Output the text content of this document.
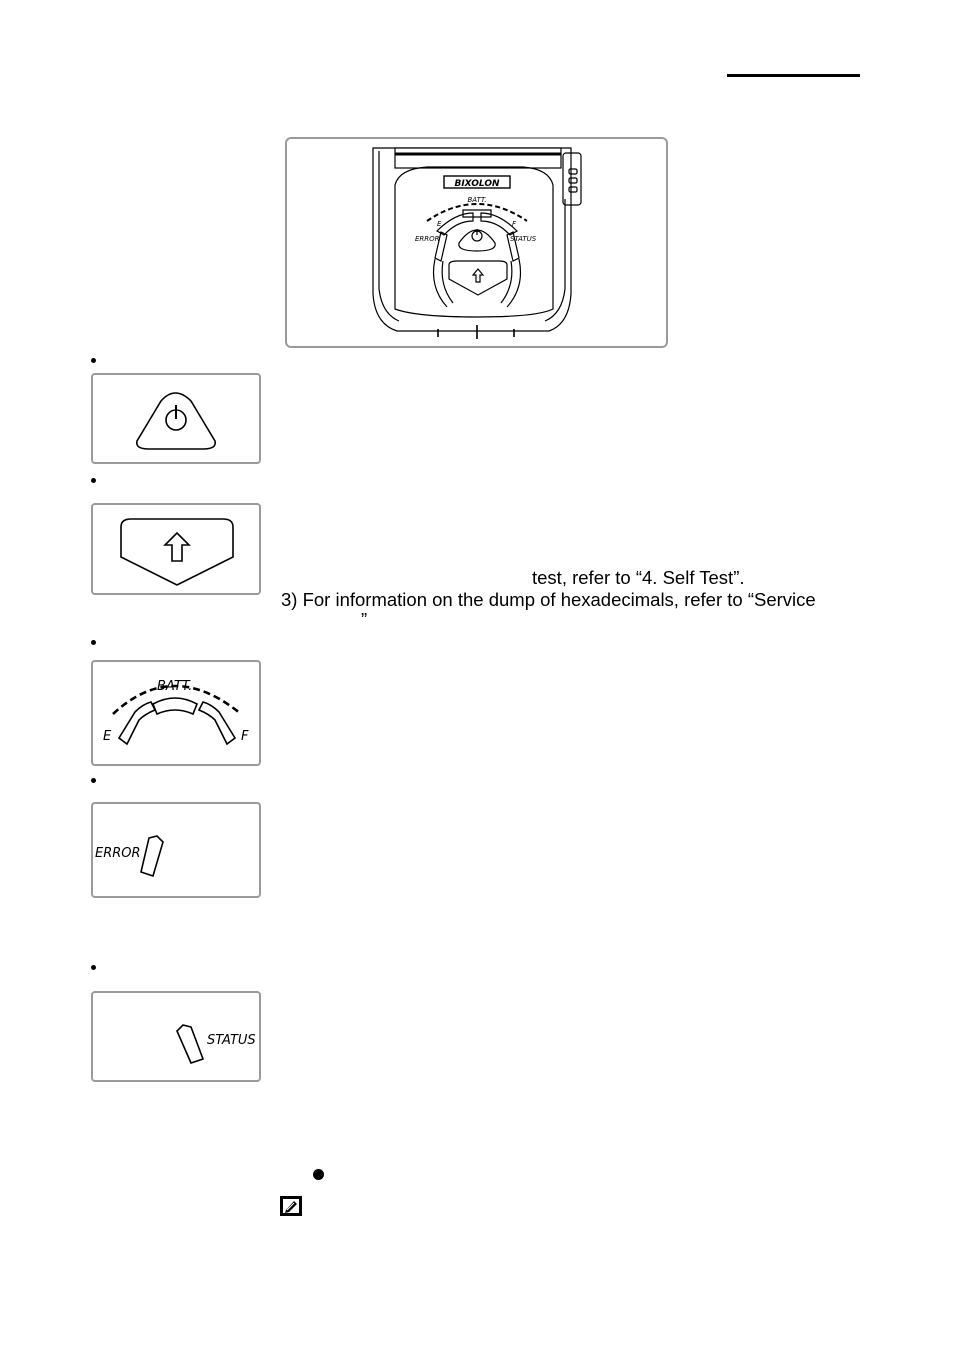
BIXOLON
BATT.
E	F
ERROR	STATUS
test, refer to “4. Self Test”.
3) For information on the dump of hexadecimals, refer to “Service
”
BATT.
E	F
ERROR
STATUS
